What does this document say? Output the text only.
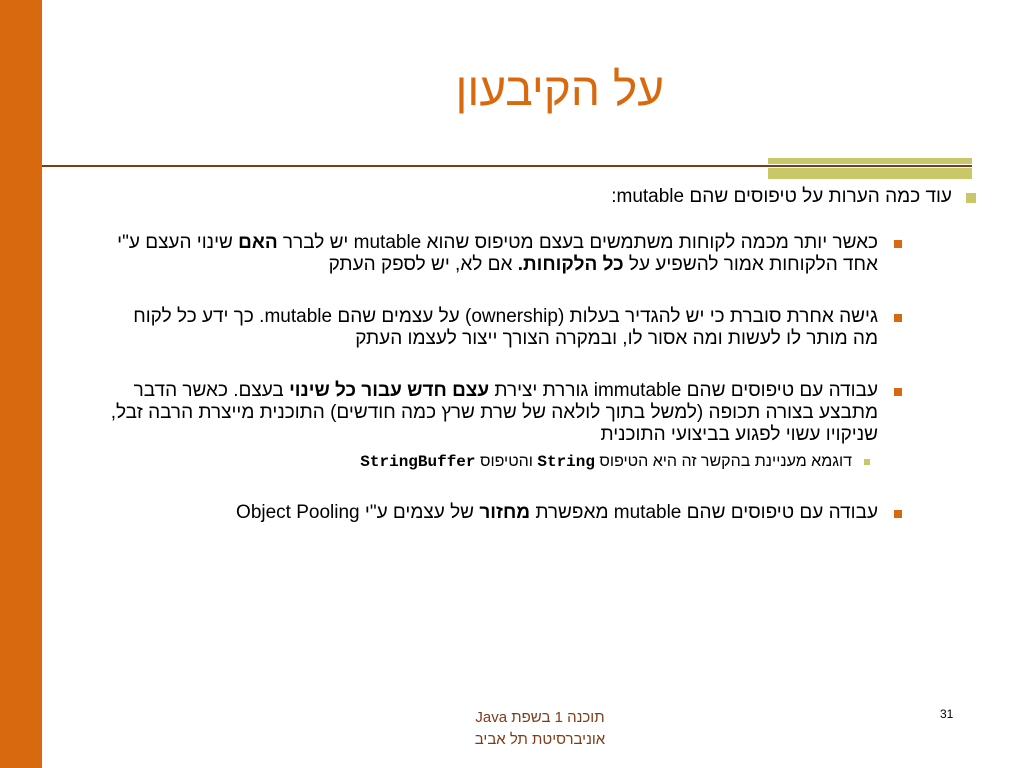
על הקיבעון
עוד כמה הערות על טיפוסים שהם mutable:
כאשר יותר מכמה לקוחות משתמשים בעצם מטיפוס שהוא mutable יש לברר האם שינוי העצם ע"י אחד הלקוחות אמור להשפיע על כל הלקוחות. אם לא, יש לספק העתק
גישה אחרת סוברת כי יש להגדיר בעלות (ownership) על עצמים שהם mutable. כך ידע כל לקוח מה מותר לו לעשות ומה אסור לו, ובמקרה הצורך ייצור לעצמו העתק
עבודה עם טיפוסים שהם immutable גוררת יצירת עצם חדש עבור כל שינוי בעצם. כאשר הדבר מתבצע בצורה תכופה (למשל בתוך לולאה של שרת שרץ כמה חודשים) התוכנית מייצרת הרבה זבל, שניקויו עשוי לפגוע בביצועי התוכנית
דוגמא מעניינת בהקשר זה היא הטיפוס String והטיפוס StringBuffer
עבודה עם טיפוסים שהם mutable מאפשרת מחזור של עצמים ע"י Object Pooling
תוכנה 1 בשפת Java
אוניברסיטת תל אביב
31
